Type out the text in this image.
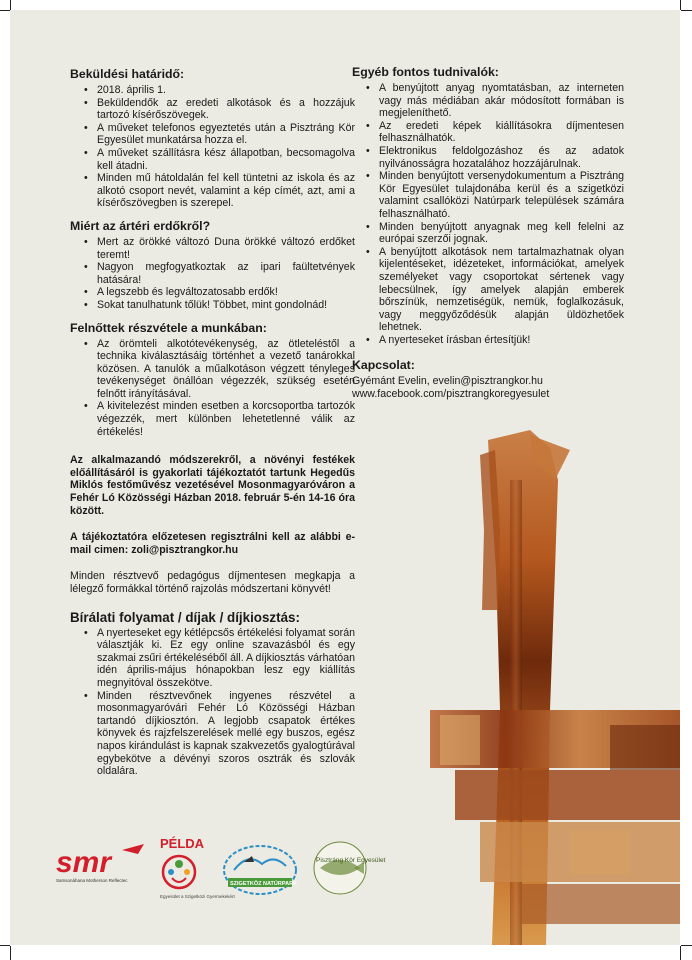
Beküldési határidő:
• 2018. április 1.
• Beküldendők az eredeti alkotások és a hozzájuk tartozó kísérőszövegek.
• A műveket telefonos egyeztetés után a Pisztráng Kör Egyesület munkatársa hozza el.
• A műveket szállításra kész állapotban, becsomagolva kell átadni.
• Minden mű hátoldalán fel kell tüntetni az iskola és az alkotó csoport nevét, valamint a kép címét, azt, ami a kísérőszövegben is szerepel.
Miért az ártéri erdőkről?
• Mert az örökké változó Duna örökké változó erdőket teremt!
• Nagyon megfogyatkoztak az ipari faültetvények hatására!
• A legszebb és legváltozatosabb erdők!
• Sokat tanulhatunk tőlük! Többet, mint gondolnád!
Felnőttek részvétele a munkában:
• Az örömteli alkotótevékenység, az ötleteléstől a technika kiválasztásáig történhet a vezető tanárokkal közösen. A tanulók a műalkotáson végzett tényleges tevékenységet önállóan végezzék, szükség esetén felnőtt irányításával.
• A kivitelezést minden esetben a korcsoportba tartozók végezzék, mert különben lehetetlenné válik az értékelés!

Az alkalmazandó módszerekről, a növényi festékek előállításáról is gyakorlati tájékoztatót tartunk Hegedűs Miklós festőművész vezetésével Mosonmagyaróváron a Fehér Ló Közösségi Házban 2018. február 5-én 14-16 óra között.

A tájékoztatóra előzetesen regisztrálni kell az alábbi e-mail cimen: zoli@pisztrangkor.hu

Minden résztvevő pedagógus díjmentesen megkapja a lélegző formákkal történő rajzolás módszertani könyvét!

Bírálati folyamat / díjak / díjkiosztás:
• A nyerteseket egy kétlépcsős értékelési folyamat során választják ki. Ez egy online szavazásból és egy szakmai zsűri értékeléséből áll. A díjkiosztás várhatóan idén április-május hónapokban lesz egy kiállítás megnyitóval összekötve.
• Minden résztvevőnek ingyenes részvétel a mosonmagyaróvári Fehér Ló Közösségi Házban tartandó díjkiosztón. A legjobb csapatok értékes könyvek és rajzfelszerelések mellé egy buszos, egész napos kirándulást is kapnak szakvezetős gyalogtúrával egybekötve a dévényi szoros osztrák és szlovák oldalára.
Egyéb fontos tudnivalók:
• A benyújtott anyag nyomtatásban, az interneten vagy más médiában akár módosított formában is megjeleníthető.
• Az eredeti képek kiállításokra díjmentesen felhasználhatók.
• Elektronikus feldolgozáshoz és az adatok nyilvánosságra hozatalához hozzájárulnak.
• Minden benyújtott versenydokumentum a Pisztráng Kör Egyesület tulajdonába kerül és a szigetközi valamint csallóközi Natúrpark települések számára felhasználható.
• Minden benyújtott anyagnak meg kell felelni az európai szerzői jognak.
• A benyújtott alkotások nem tartalmazhatnak olyan kijelentéseket, idézeteket, információkat, amelyek személyeket vagy csoportokat sértenek vagy lebecsülnek, így amelyek alapján emberek bőrszínük, nemzetiségük, nemük, foglalkozásuk, vagy meggyőződésük alapján üldözhetőek lehetnek.
• A nyerteseket írásban értesítjük!
Kapcsolat:
Gyémánt Evelin, evelin@pisztrangkor.hu
www.facebook.com/pisztrangkoregyesulet
smr
Samsonáhana Motherson Reflectec
PÉLDA
Egyesület a Szigetközi Gyermekekért
SZIGETKÖZ NATÚRPARK
Pisztráng Kör Egyesület
